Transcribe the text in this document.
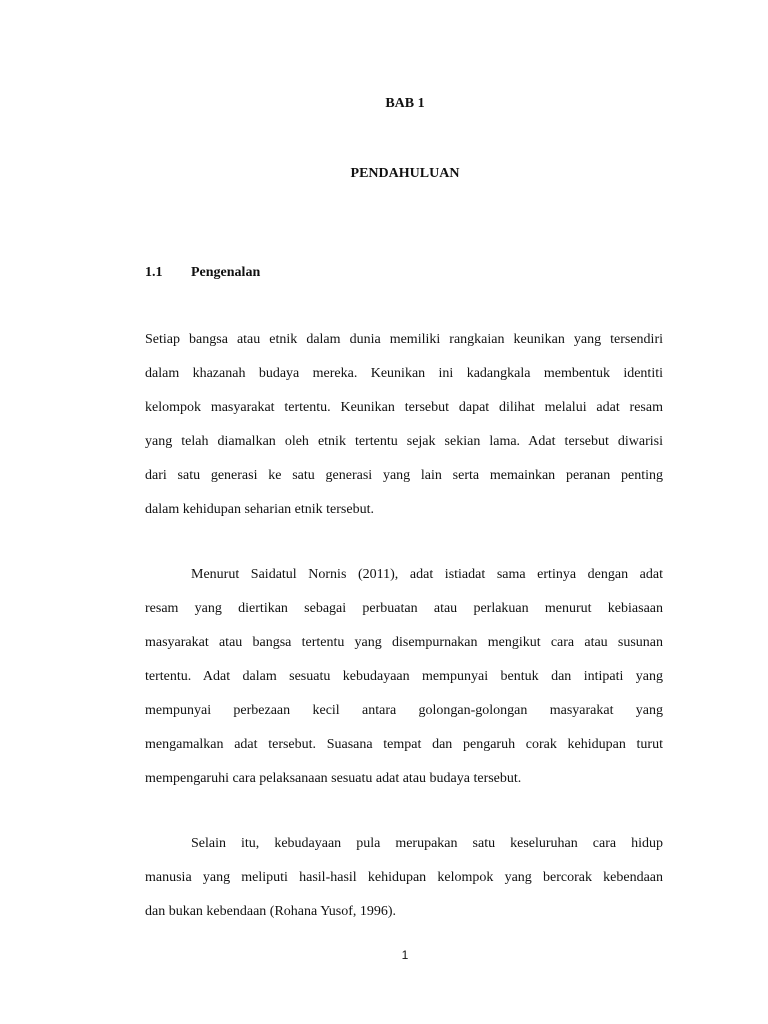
BAB 1
PENDAHULUAN
1.1 Pengenalan
Setiap bangsa atau etnik dalam dunia memiliki rangkaian keunikan yang tersendiri
dalam khazanah budaya mereka. Keunikan ini kadangkala membentuk identiti
kelompok masyarakat tertentu. Keunikan tersebut dapat dilihat melalui adat resam
yang telah diamalkan oleh etnik tertentu sejak sekian lama. Adat tersebut diwarisi
dari satu generasi ke satu generasi yang lain serta memainkan peranan penting
dalam kehidupan seharian etnik tersebut.
Menurut Saidatul Nornis (2011), adat istiadat sama ertinya dengan adat
resam yang diertikan sebagai perbuatan atau perlakuan menurut kebiasaan
masyarakat atau bangsa tertentu yang disempurnakan mengikut cara atau susunan
tertentu. Adat dalam sesuatu kebudayaan mempunyai bentuk dan intipati yang
mempunyai perbezaan kecil antara golongan-golongan masyarakat yang
mengamalkan adat tersebut. Suasana tempat dan pengaruh corak kehidupan turut
mempengaruhi cara pelaksanaan sesuatu adat atau budaya tersebut.
Selain itu, kebudayaan pula merupakan satu keseluruhan cara hidup
manusia yang meliputi hasil-hasil kehidupan kelompok yang bercorak kebendaan
dan bukan kebendaan (Rohana Yusof, 1996).
1
